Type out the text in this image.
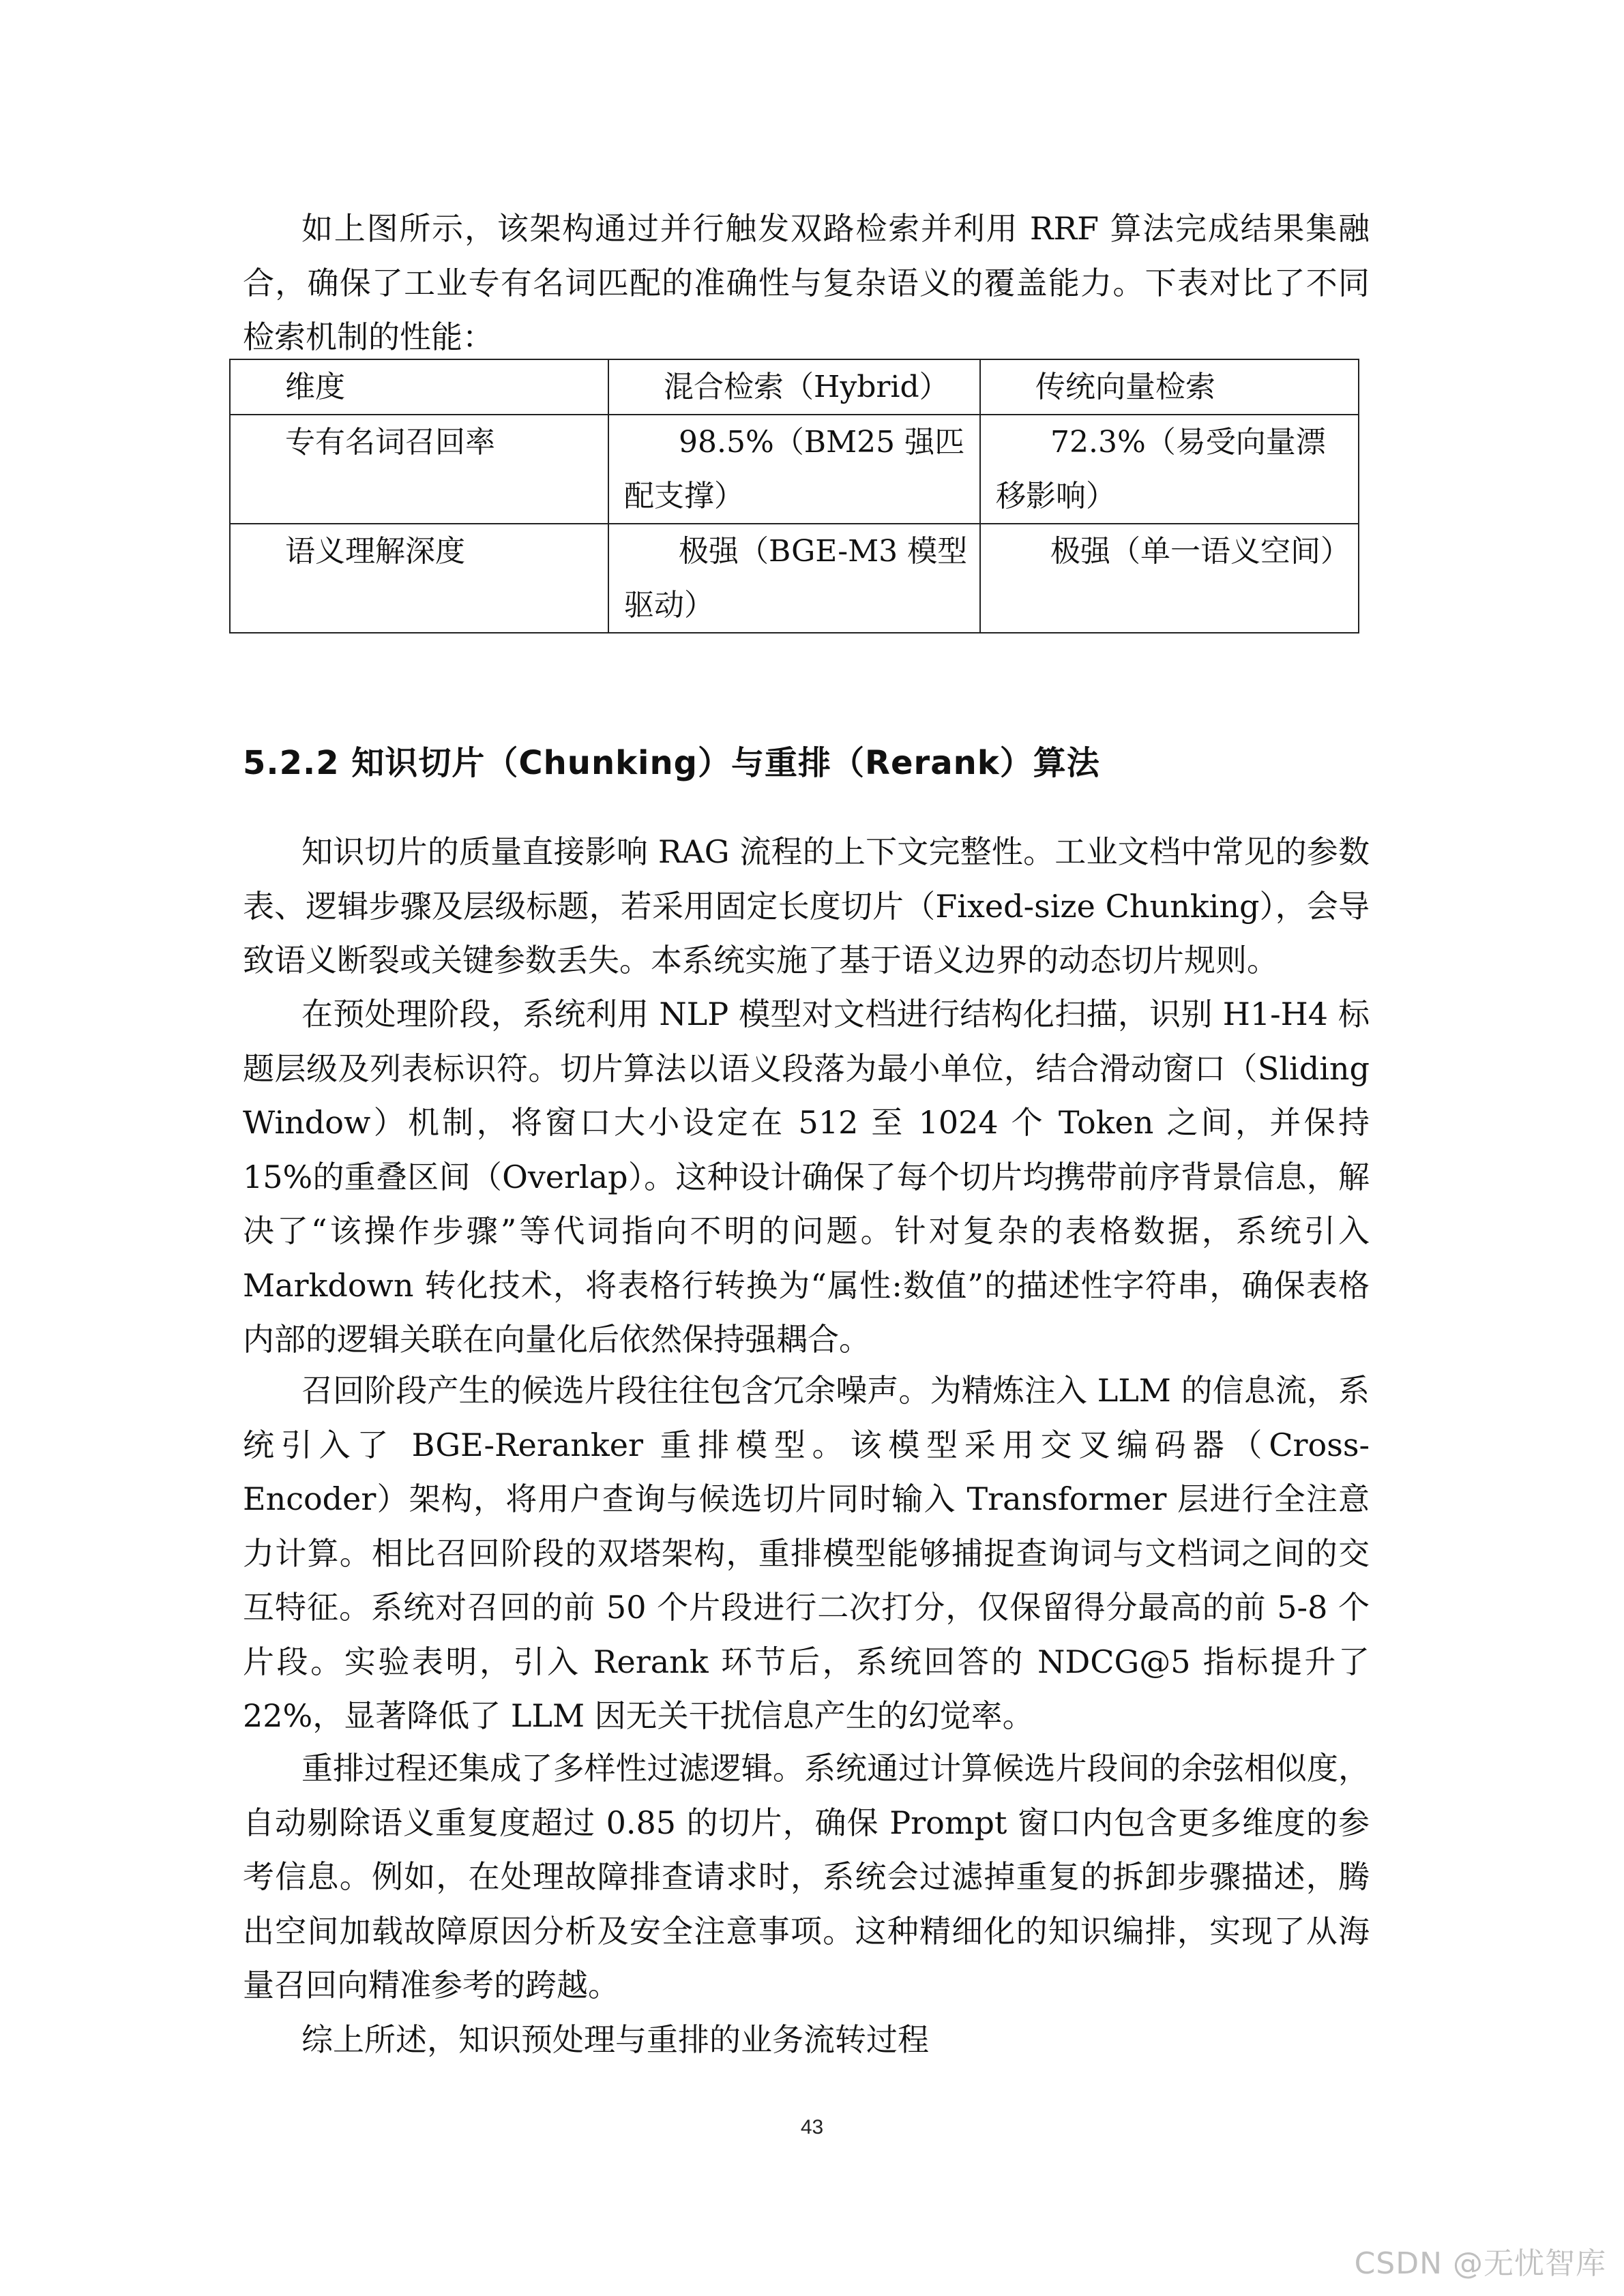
如上图所示，该架构通过并行触发双路检索并利用 RRF 算法完成结果集融合，确保了工业专有名词匹配的准确性与复杂语义的覆盖能力。下表对比了不同检索机制的性能：

维度	混合检索（Hybrid）	传统向量检索
专有名词召回率	98.5%（BM25 强匹配支撑）	72.3%（易受向量漂移影响）

语义理解深度	极强（BGE-M3 模型驱动）	极强（单一语义空间）
5.2.2 知识切片（Chunking）与重排（Rerank）算法

知识切片的质量直接影响 RAG 流程的上下文完整性。工业文档中常见的参数表、逻辑步骤及层级标题，若采用固定长度切片（Fixed-size Chunking），会导致语义断裂或关键参数丢失。本系统实施了基于语义边界的动态切片规则。

在预处理阶段，系统利用 NLP 模型对文档进行结构化扫描，识别 H1-H4 标题层级及列表标识符。切片算法以语义段落为最小单位，结合滑动窗口（Sliding Window）机制，将窗口大小设定在 512 至 1024 个 Token 之间，并保持 15%的重叠区间（Overlap）。这种设计确保了每个切片均携带前序背景信息，解决了“该操作步骤”等代词指向不明的问题。针对复杂的表格数据，系统引入 Markdown 转化技术，将表格行转换为“属性:数值”的描述性字符串，确保表格内部的逻辑关联在向量化后依然保持强耦合。

召回阶段产生的候选片段往往包含冗余噪声。为精炼注入 LLM 的信息流，系统引入了 BGE-Reranker 重排模型。该模型采用交叉编码器（Cross-Encoder）架构，将用户查询与候选切片同时输入 Transformer 层进行全注意力计算。相比召回阶段的双塔架构，重排模型能够捕捉查询词与文档词之间的交互特征。系统对召回的前 50 个片段进行二次打分，仅保留得分最高的前 5-8 个片段。实验表明，引入 Rerank 环节后，系统回答的 NDCG@5 指标提升了 22%，显著降低了 LLM 因无关干扰信息产生的幻觉率。

重排过程还集成了多样性过滤逻辑。系统通过计算候选片段间的余弦相似度，自动剔除语义重复度超过 0.85 的切片，确保 Prompt 窗口内包含更多维度的参考信息。例如，在处理故障排查请求时，系统会过滤掉重复的拆卸步骤描述，腾出空间加载故障原因分析及安全注意事项。这种精细化的知识编排，实现了从海量召回向精准参考的跨越。

综上所述，知识预处理与重排的业务流转过程

43
CSDN @无忧智库
